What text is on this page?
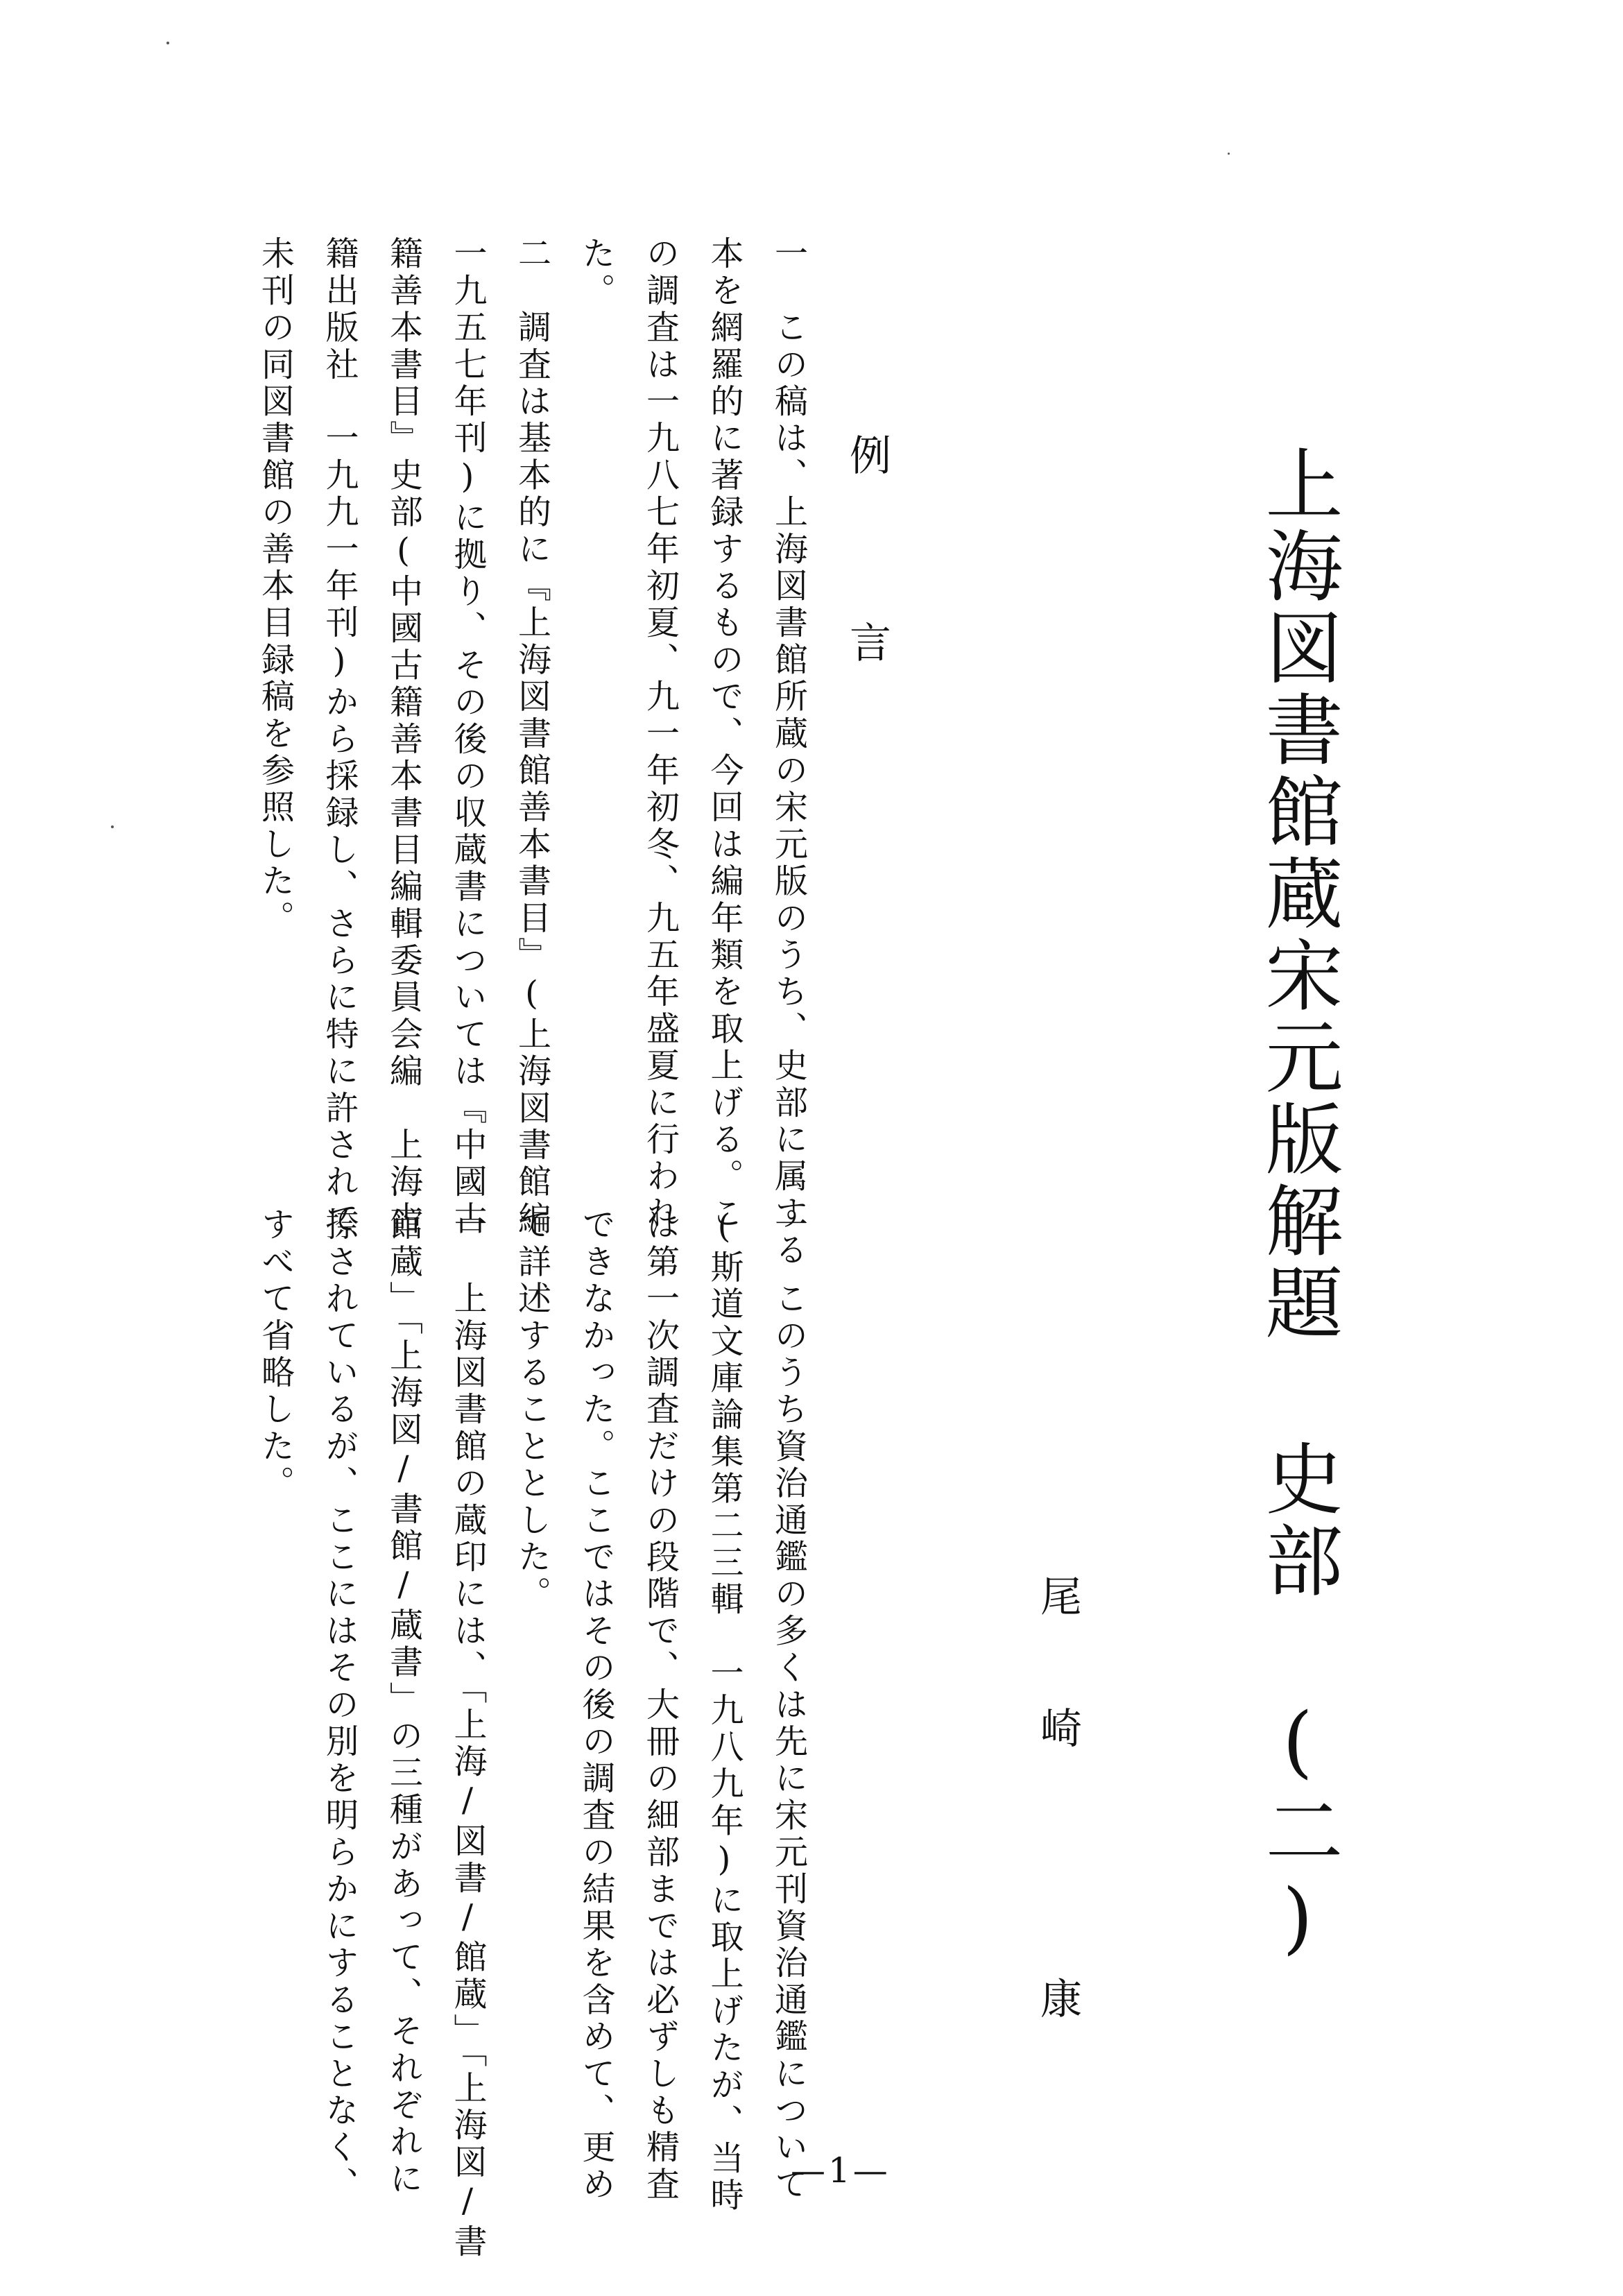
上海図書館蔵宋元版解題 史部 (二)
尾崎 康
例 言
一　この稿は、上海図書館所蔵の宋元版のうち、史部に属する
本を網羅的に著録するもので、今回は編年類を取上げる。こ
の調査は一九八七年初夏、九一年初冬、九五年盛夏に行われ
た。
二　調査は基本的に『上海図書館善本書目』(上海図書館編
一九五七年刊)に拠り、その後の収蔵書については『中國古
籍善本書目』史部(中國古籍善本書目編輯委員会編　上海古
籍出版社　一九九一年刊)から採録し、さらに特に許されて
未刊の同図書館の善本目録稿を参照した。
一　このうち資治通鑑の多くは先に宋元刊資治通鑑について
(斯道文庫論集第二三輯　一九八九年)に取上げたが、当時
は第一次調査だけの段階で、大冊の細部までは必ずしも精査
できなかった。ここではその後の調査の結果を含めて、更め
て詳述することとした。
一　上海図書館の蔵印には、「上海/図書/館蔵」「上海図/書
館蔵」「上海図/書館/蔵書」の三種があって、それぞれに
捺されているが、ここにはその別を明らかにすることなく、
すべて省略した。
—1—
